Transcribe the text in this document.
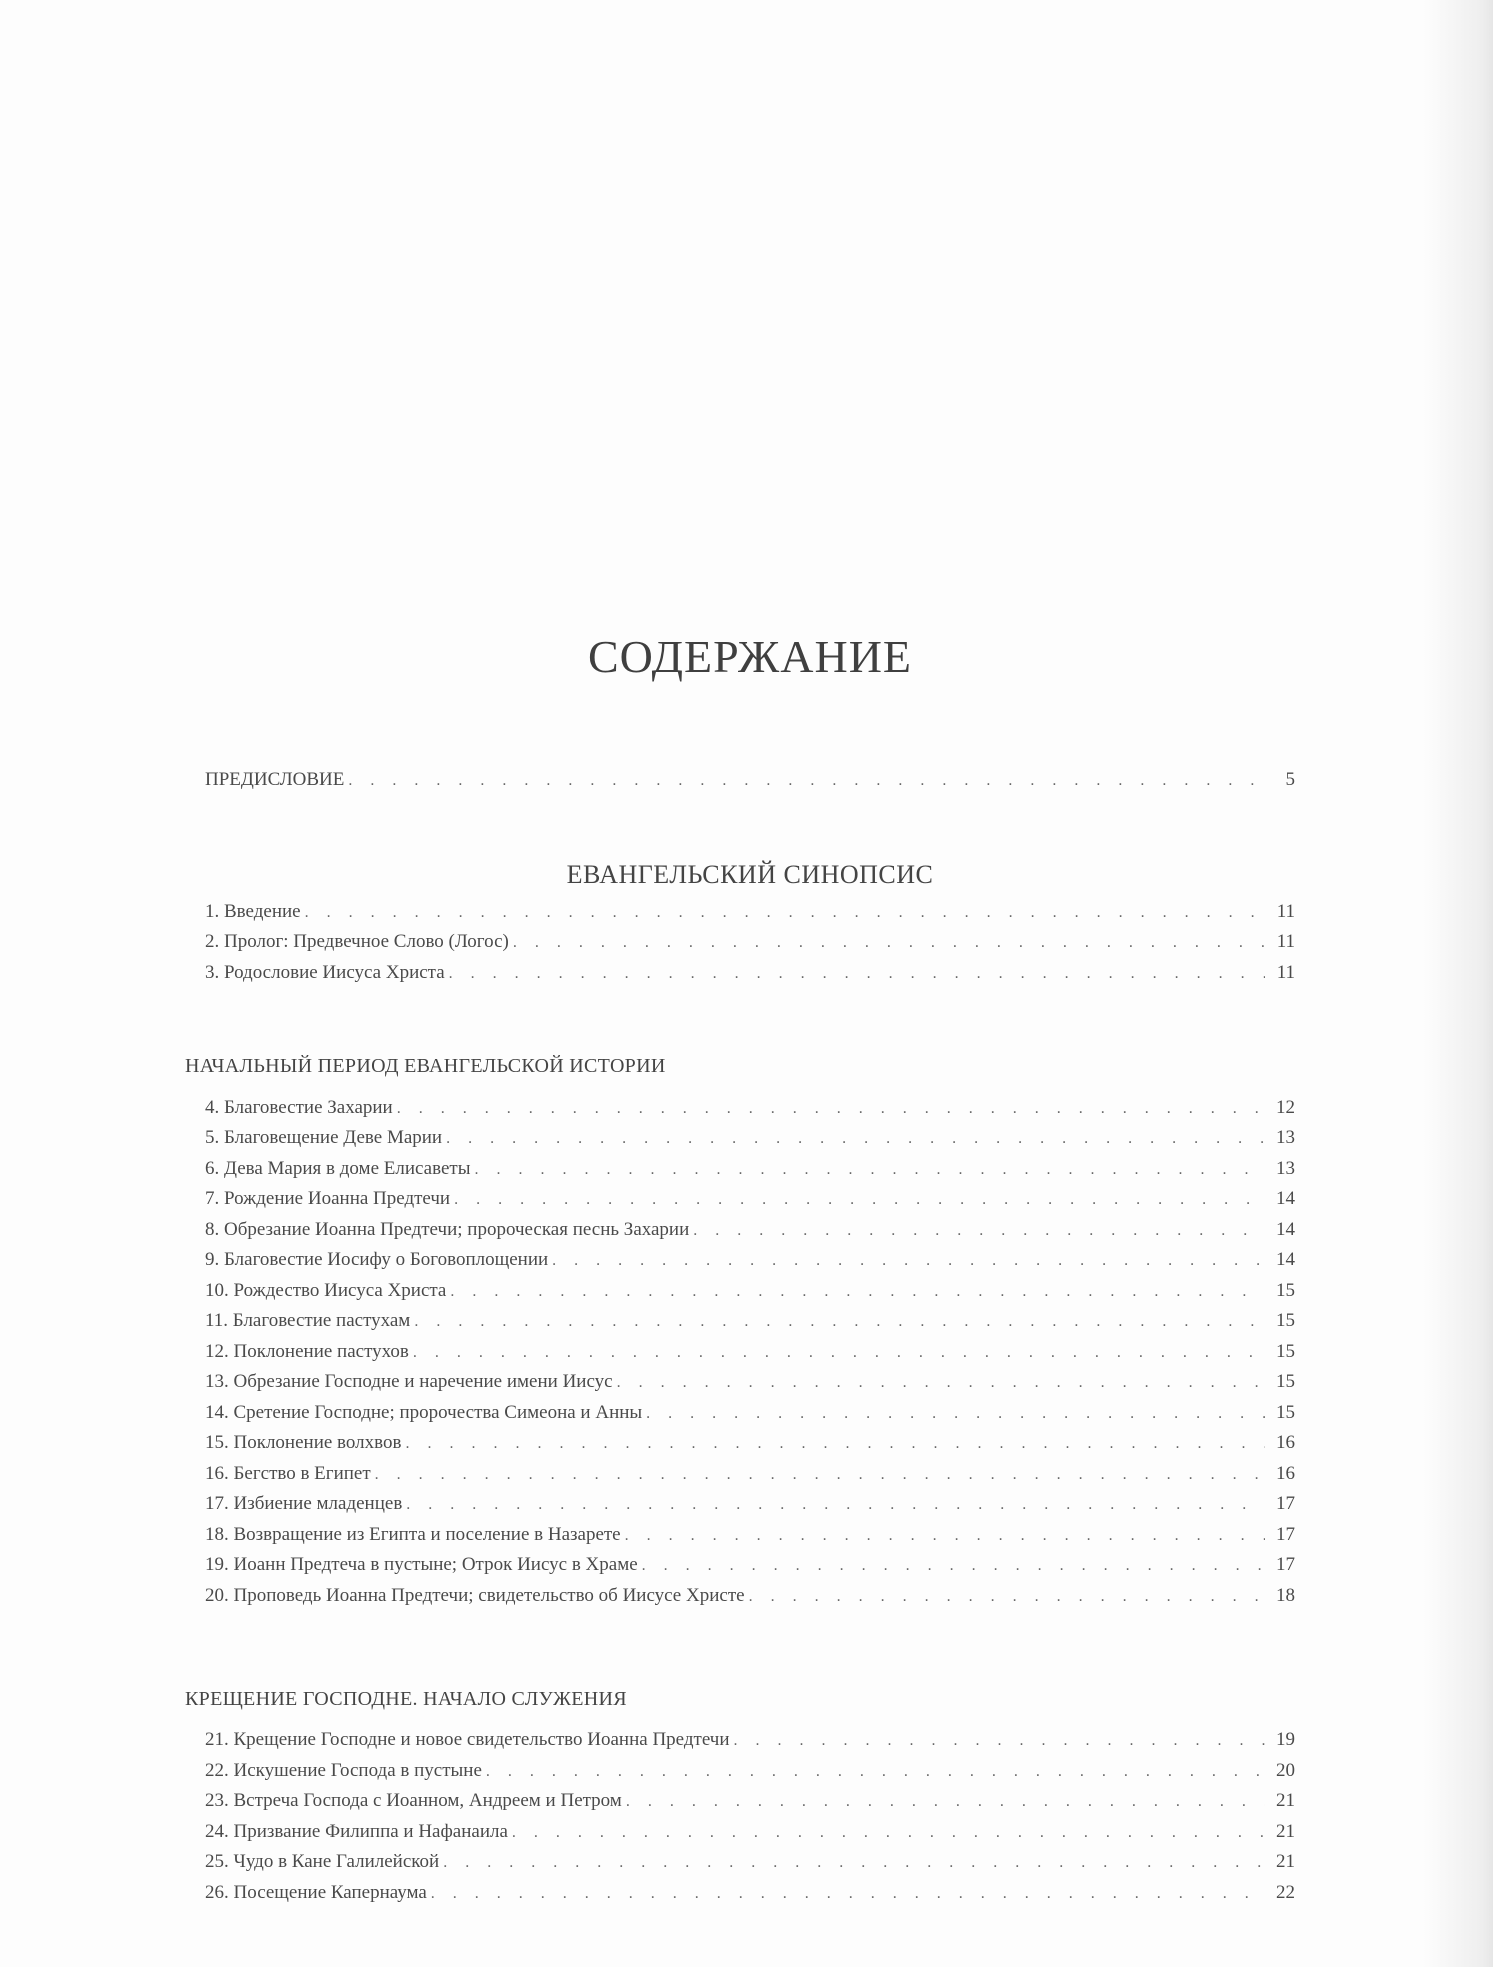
СОДЕРЖАНИЕ
ПРЕДИСЛОВИЕ . . .	5
ЕВАНГЕЛЬСКИЙ СИНОПСИС
1. Введение . . .	11
2. Пролог: Предвечное Слово (Логос) . . .	11
3. Родословие Иисуса Христа . . .	11
НАЧАЛЬНЫЙ ПЕРИОД ЕВАНГЕЛЬСКОЙ ИСТОРИИ
4. Благовестие Захарии . . .	12
5. Благовещение Деве Марии . . .	13
6. Дева Мария в доме Елисаветы . . .	13
7. Рождение Иоанна Предтечи . . .	14
8. Обрезание Иоанна Предтечи; пророческая песнь Захарии . . .	14
9. Благовестие Иосифу о Боговоплощении . . .	14
10. Рождество Иисуса Христа . . .	15
11. Благовестие пастухам . . .	15
12. Поклонение пастухов . . .	15
13. Обрезание Господне и наречение имени Иисус . . .	15
14. Сретение Господне; пророчества Симеона и Анны . . .	15
15. Поклонение волхвов . . .	16
16. Бегство в Египет . . .	16
17. Избиение младенцев . . .	17
18. Возвращение из Египта и поселение в Назарете . . .	17
19. Иоанн Предтеча в пустыне; Отрок Иисус в Храме . . .	17
20. Проповедь Иоанна Предтечи; свидетельство об Иисусе Христе . . .	18
КРЕЩЕНИЕ ГОСПОДНЕ. НАЧАЛО СЛУЖЕНИЯ
21. Крещение Господне и новое свидетельство Иоанна Предтечи . . .	19
22. Искушение Господа в пустыне . . .	20
23. Встреча Господа с Иоанном, Андреем и Петром . . .	21
24. Призвание Филиппа и Нафанаила . . .	21
25. Чудо в Кане Галилейской . . .	21
26. Посещение Капернаума . . .	22
